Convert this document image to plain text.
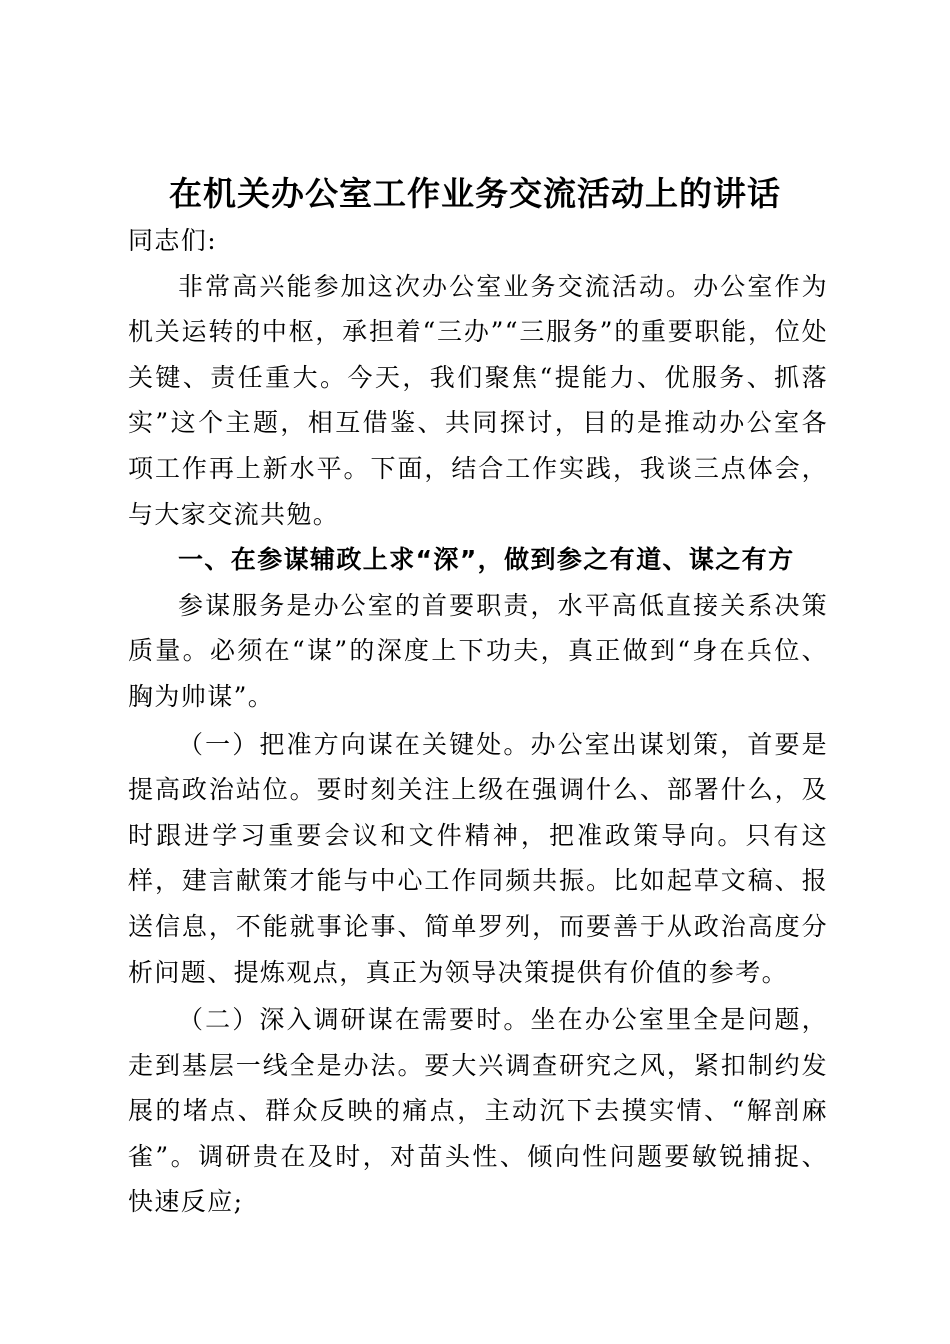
在机关办公室工作业务交流活动上的讲话

同志们:

非常高兴能参加这次办公室业务交流活动。办公室作为机关运转的中枢，承担着“三办”“三服务”的重要职能，位处关键、责任重大。今天，我们聚焦“提能力、优服务、抓落实”这个主题，相互借鉴、共同探讨，目的是推动办公室各项工作再上新水平。下面，结合工作实践，我谈三点体会，与大家交流共勉。

一、在参谋辅政上求“深”，做到参之有道、谋之有方

参谋服务是办公室的首要职责，水平高低直接关系决策质量。必须在“谋”的深度上下功夫，真正做到“身在兵位、胸为帅谋”。

（一）把准方向谋在关键处。办公室出谋划策，首要是提高政治站位。要时刻关注上级在强调什么、部署什么，及时跟进学习重要会议和文件精神，把准政策导向。只有这样，建言献策才能与中心工作同频共振。比如起草文稿、报送信息，不能就事论事、简单罗列，而要善于从政治高度分析问题、提炼观点，真正为领导决策提供有价值的参考。

（二）深入调研谋在需要时。坐在办公室里全是问题，走到基层一线全是办法。要大兴调查研究之风，紧扣制约发展的堵点、群众反映的痛点，主动沉下去摸实情、“解剖麻雀”。调研贵在及时，对苗头性、倾向性问题要敏锐捕捉、快速反应;
